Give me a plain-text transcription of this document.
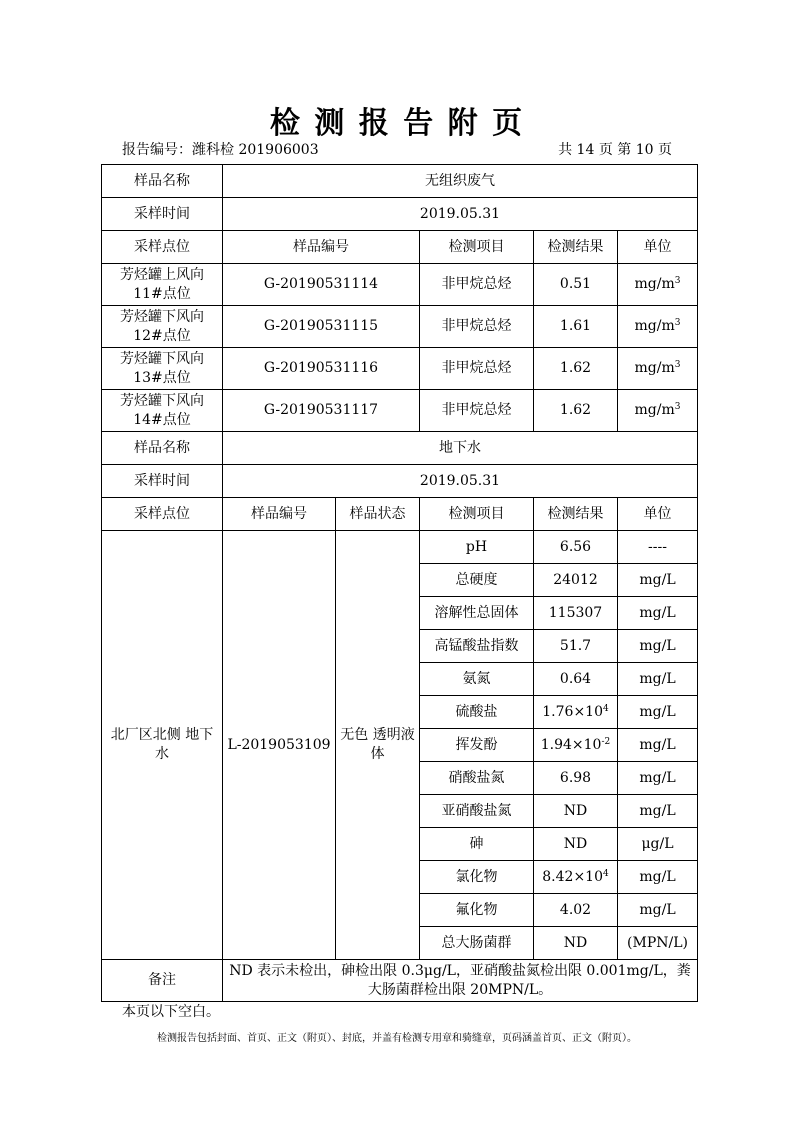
检 测 报 告 附 页
报告编号：潍科检 201906003	共 14 页 第 10 页
样品名称	无组织废气				
采样时间	2019.05.31				
采样点位	样品编号		检测项目	检测结果	单位
芳烃罐上风向 11#点位	G-20190531114		非甲烷总烃	0.51	$mg/m^3$
芳烃罐下风向 12#点位	G-20190531115		非甲烷总烃	1.61	$mg/m^3$
芳烃罐下风向 13#点位	G-20190531116		非甲烷总烃	1.62	$mg/m^3$
芳烃罐下风向 14#点位	G-20190531117		非甲烷总烃	1.62	$mg/m^3$
样品名称	地下水				
采样时间	2019.05.31				
采样点位	样品编号	样品状态	检测项目	检测结果	单位
北厂区北侧 地下水	L-2019053109	无色 透明液体	pH	6.56	----
			总硬度	24012	mg/L
			溶解性总固体	115307	mg/L
			高锰酸盐指数	51.7	mg/L
			氨氮	0.64	mg/L
			硫酸盐	$1.76\times 10^4$	mg/L
			挥发酚	$1.94\times 10^{-2}$	mg/L
			硝酸盐氮	6.98	mg/L
			亚硝酸盐氮	ND	mg/L
			砷	ND	μg/L
			氯化物	$8.42\times 10^4$	mg/L
			氟化物	4.02	mg/L
			总大肠菌群	ND	(MPN/L)
备注	ND 表示未检出，砷检出限 0.3μg/L，亚硝酸盐氮检出限 0.001mg/L，粪大肠菌群检出限 20MPN/L。				
本页以下空白。
检测报告包括封面、首页、正文（附页）、封底，并盖有检测专用章和骑缝章，页码涵盖首页、正文（附页）。
